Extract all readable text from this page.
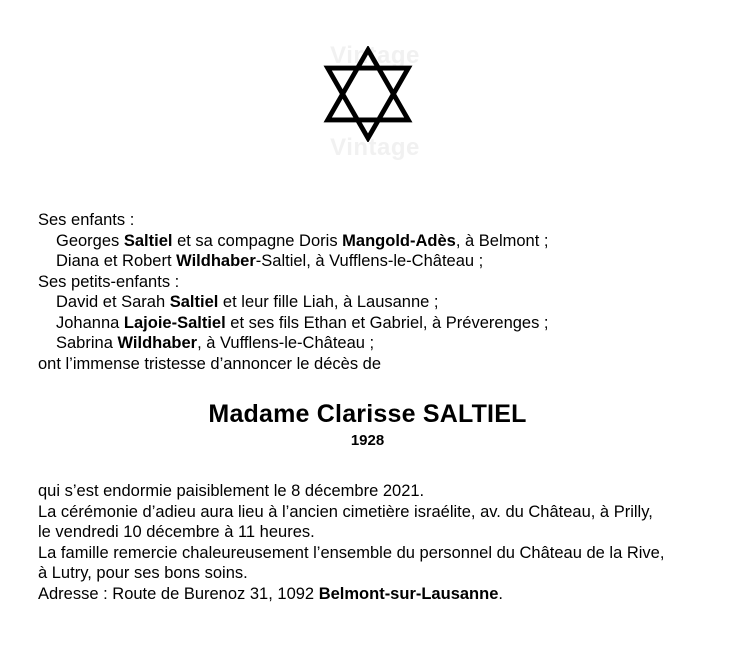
Vintage
Vintage
Ses enfants :
Georges Saltiel et sa compagne Doris Mangold-Adès, à Belmont ;
Diana et Robert Wildhaber-Saltiel, à Vufflens-le-Château ;
Ses petits-enfants :
David et Sarah Saltiel et leur fille Liah, à Lausanne ;
Johanna Lajoie-Saltiel et ses fils Ethan et Gabriel, à Préverenges ;
Sabrina Wildhaber, à Vufflens-le-Château ;
ont l’immense tristesse d’annoncer le décès de
Madame Clarisse SALTIEL
1928
qui s’est endormie paisiblement le 8 décembre 2021.
La cérémonie d’adieu aura lieu à l’ancien cimetière israélite, av. du Château, à Prilly,
le vendredi 10 décembre à 11 heures.
La famille remercie chaleureusement l’ensemble du personnel du Château de la Rive,
à Lutry, pour ses bons soins.
Adresse : Route de Burenoz 31, 1092 Belmont-sur-Lausanne.
